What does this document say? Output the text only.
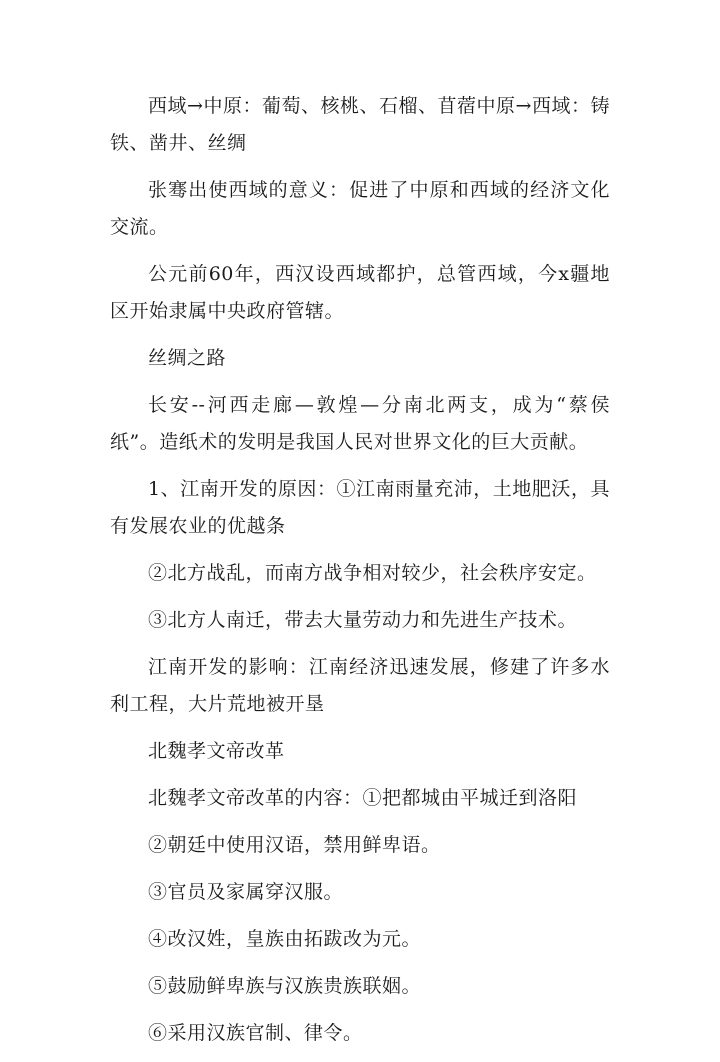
西域→中原：葡萄、核桃、石榴、苜蓿中原→西域：铸铁、凿井、丝绸

张骞出使西域的意义：促进了中原和西域的经济文化交流。

公元前60年，西汉设西域都护，总管西域，今x疆地区开始隶属中央政府管辖。

丝绸之路

长安--河西走廊—敦煌—分南北两支，成为“蔡侯纸”。造纸术的发明是我国人民对世界文化的巨大贡献。

1、江南开发的原因：①江南雨量充沛，土地肥沃，具有发展农业的优越条

②北方战乱，而南方战争相对较少，社会秩序安定。

③北方人南迁，带去大量劳动力和先进生产技术。

江南开发的影响：江南经济迅速发展，修建了许多水利工程，大片荒地被开垦

北魏孝文帝改革

北魏孝文帝改革的内容：①把都城由平城迁到洛阳

②朝廷中使用汉语，禁用鲜卑语。

③官员及家属穿汉服。

④改汉姓，皇族由拓跋改为元。

⑤鼓励鲜卑族与汉族贵族联姻。

⑥采用汉族官制、律令。
